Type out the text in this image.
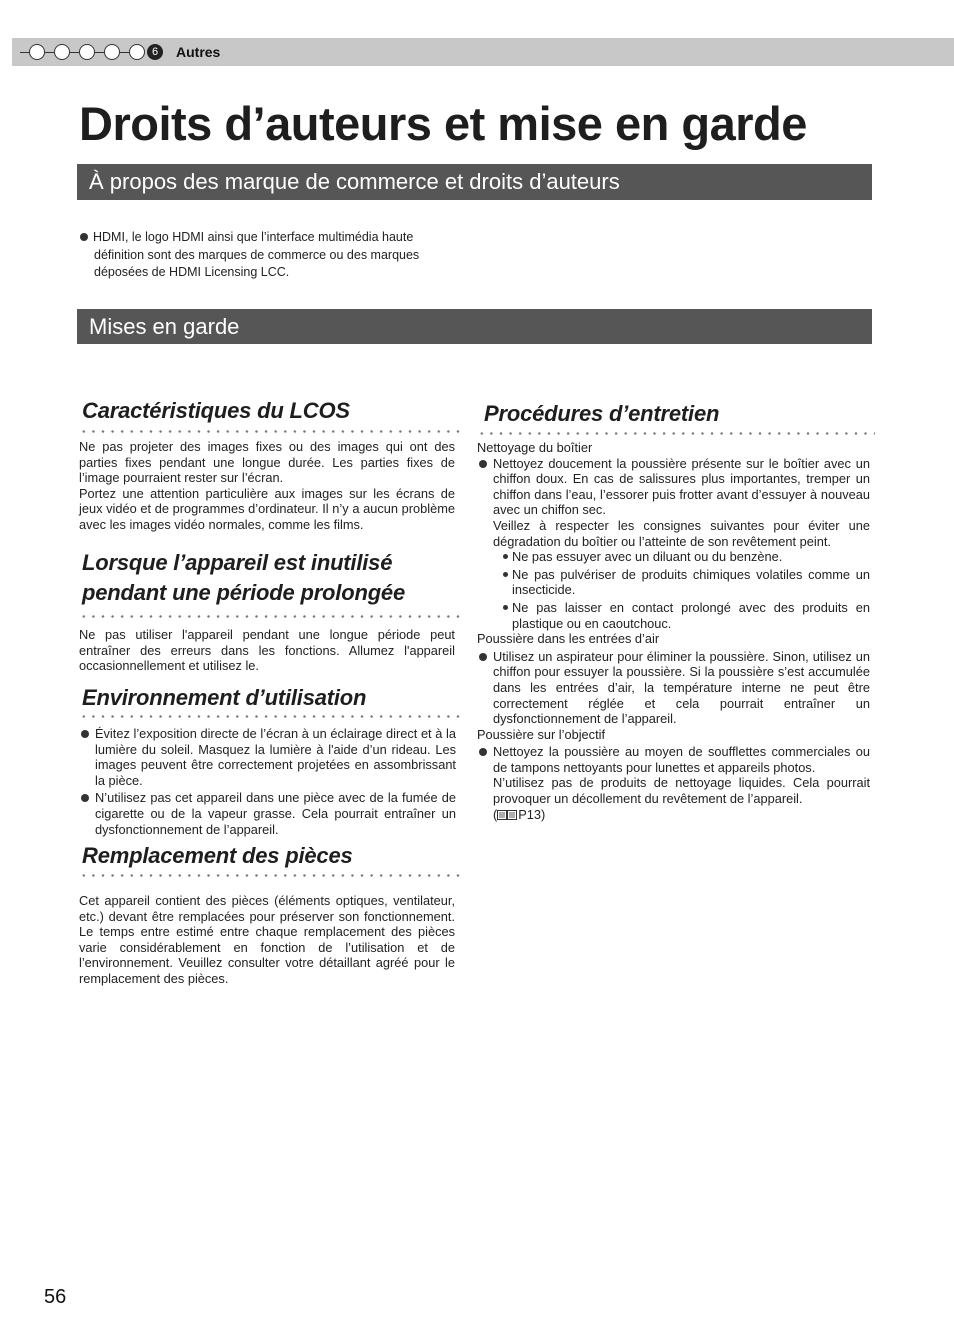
6	Autres
Droits d’auteurs et mise en garde
À propos des marque de commerce et droits d’auteurs
HDMI, le logo HDMI ainsi que l’interface multimédia haute
définition sont des marques de commerce ou des marques
déposées de HDMI Licensing LCC.
Mises en garde
Caractéristiques du LCOS
Ne pas projeter des images fixes ou des images qui ont des parties fixes pendant une longue durée. Les parties fixes de l’image pourraient rester sur l’écran.
Portez une attention particulière aux images sur les écrans de jeux vidéo et de programmes d’ordinateur. Il n’y a aucun problème avec les images vidéo normales, comme les films.
Lorsque l’appareil est inutilisé pendant une période prolongée
Ne pas utiliser l'appareil pendant une longue période peut entraîner des erreurs dans les fonctions. Allumez l'appareil occasionnellement et utilisez le.
Environnement d’utilisation
Évitez l’exposition directe de l’écran à un éclairage direct et à la lumière du soleil. Masquez la lumière à l'aide d’un rideau. Les images peuvent être correctement projetées en assombrissant la pièce.
N’utilisez pas cet appareil dans une pièce avec de la fumée de cigarette ou de la vapeur grasse. Cela pourrait entraîner un dysfonctionnement de l’appareil.
Remplacement des pièces
Cet appareil contient des pièces (éléments optiques, ventilateur, etc.) devant être remplacées pour préserver son fonctionnement. Le temps entre estimé entre chaque remplacement des pièces varie considérablement en fonction de l’utilisation et de l’environnement. Veuillez consulter votre détaillant agréé pour le remplacement des pièces.
Procédures d’entretien
Nettoyage du boîtier
Nettoyez doucement la poussière présente sur le boîtier avec un chiffon doux. En cas de salissures plus importantes, tremper un chiffon dans l’eau, l’essorer puis frotter avant d’essuyer à nouveau avec un chiffon sec.
Veillez à respecter les consignes suivantes pour éviter une dégradation du boîtier ou l’atteinte de son revêtement peint.
Ne pas essuyer avec un diluant ou du benzène.
Ne pas pulvériser de produits chimiques volatiles comme un insecticide.
Ne pas laisser en contact prolongé avec des produits en plastique ou en caoutchouc.
Poussière dans les entrées d’air
Utilisez un aspirateur pour éliminer la poussière. Sinon, utilisez un chiffon pour essuyer la poussière. Si la poussière s’est accumulée dans les entrées d’air, la température interne ne peut être correctement réglée et cela pourrait entraîner un dysfonctionnement de l’appareil.
Poussière sur l’objectif
Nettoyez la poussière au moyen de soufflettes commerciales ou de tampons nettoyants pour lunettes et appareils photos.
N’utilisez pas de produits de nettoyage liquides. Cela pourrait provoquer un décollement du revêtement de l’appareil.
( P13)
56
